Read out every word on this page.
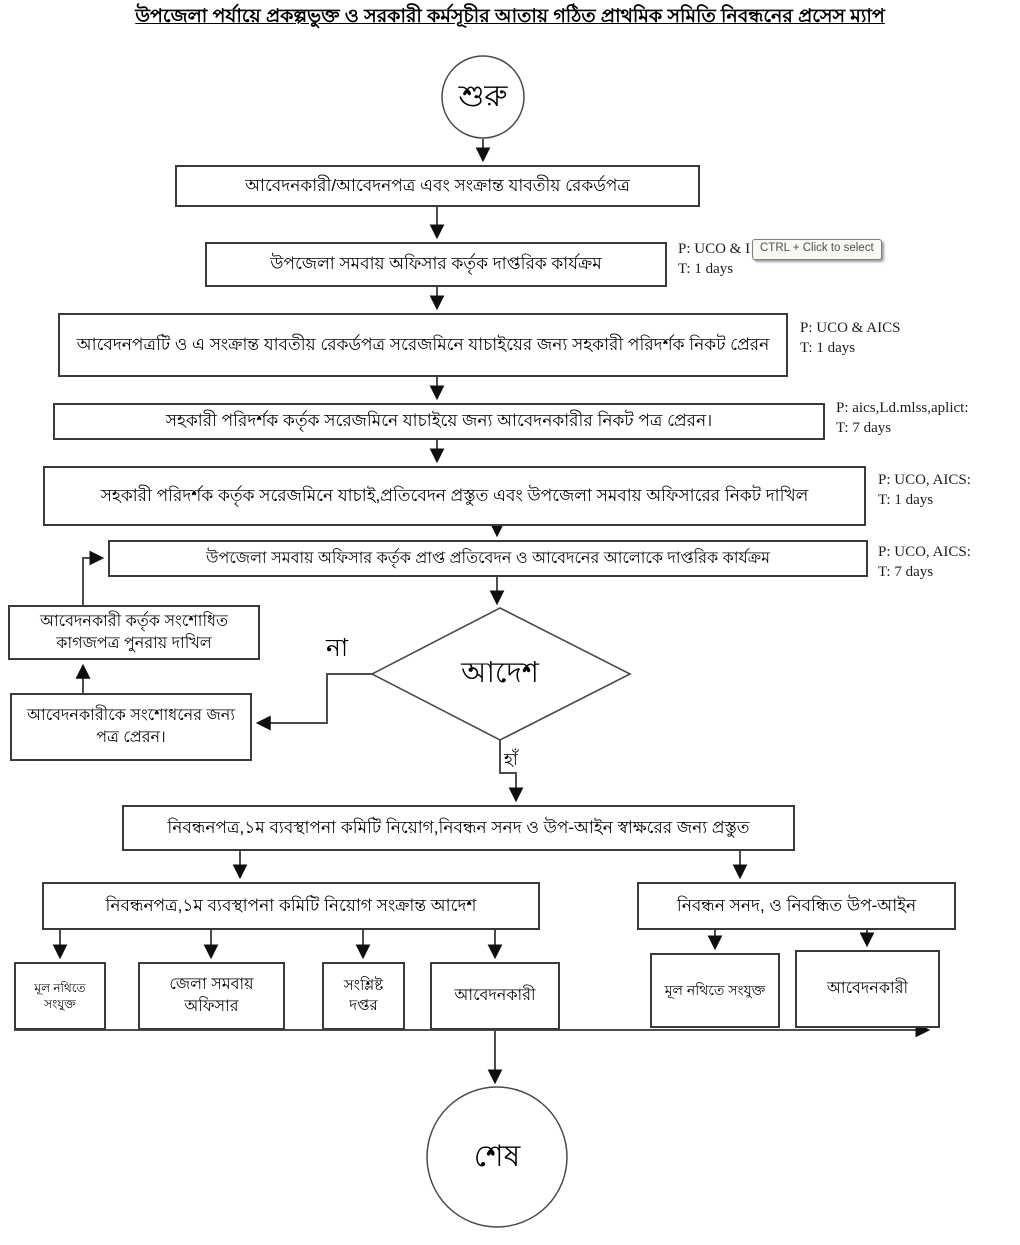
উপজেলা পর্যায়ে প্রকল্পভুক্ত ও সরকারী কর্মসূচীর আতায় গঠিত প্রাথমিক সমিতি নিবন্ধনের প্রসেস ম্যাপ
শুরু
আদেশ
শেষ
আবেদনকারী/আবেদনপত্র এবং সংক্রান্ত যাবতীয় রেকর্ডপত্র
উপজেলা সমবায় অফিসার কর্তৃক দাপ্তরিক কার্যক্রম
আবেদনপত্রটি ও এ সংক্রান্ত যাবতীয় রেকর্ডপত্র সরেজমিনে যাচাইয়ের জন্য সহকারী পরিদর্শক নিকট প্রেরন
সহকারী পরিদর্শক কর্তৃক সরেজমিনে যাচাইয়ে জন্য আবেদনকারীর নিকট পত্র প্রেরন।
সহকারী পরিদর্শক কর্তৃক সরেজমিনে যাচাই,প্রতিবেদন প্রস্তুত এবং উপজেলা সমবায় অফিসারের নিকট দাখিল
উপজেলা সমবায় অফিসার কর্তৃক প্রাপ্ত প্রতিবেদন ও আবেদনের আলোকে দাপ্তরিক কার্যক্রম
আবেদনকারী কর্তৃক সংশোধিত কাগজপত্র পুনরায় দাখিল
আবেদনকারীকে সংশোধনের জন্য পত্র প্রেরন।
না
হাঁ
নিবন্ধনপত্র,১ম ব্যবস্থাপনা কমিটি নিয়োগ,নিবন্ধন সনদ ও উপ-আইন স্বাক্ষরের জন্য প্রস্তুত
নিবন্ধনপত্র,১ম ব্যবস্থাপনা কমিটি নিয়োগ সংক্রান্ত আদেশ	নিবন্ধন সনদ, ও নিবন্ধিত উপ-আইন
মূল নথিতে সংযুক্ত
জেলা সমবায় অফিসার
সংশ্লিষ্ট দপ্তর
আবেদনকারী	মূল নথিতে সংযুক্ত	আবেদনকারী
P: UCO & I
T: 1 days
P: UCO & AICS
T: 1 days
P: aics,Ld.mlss,aplict:
T: 7 days
P: UCO, AICS:
T: 1 days
P: UCO, AICS:
T: 7 days
CTRL + Click to select
